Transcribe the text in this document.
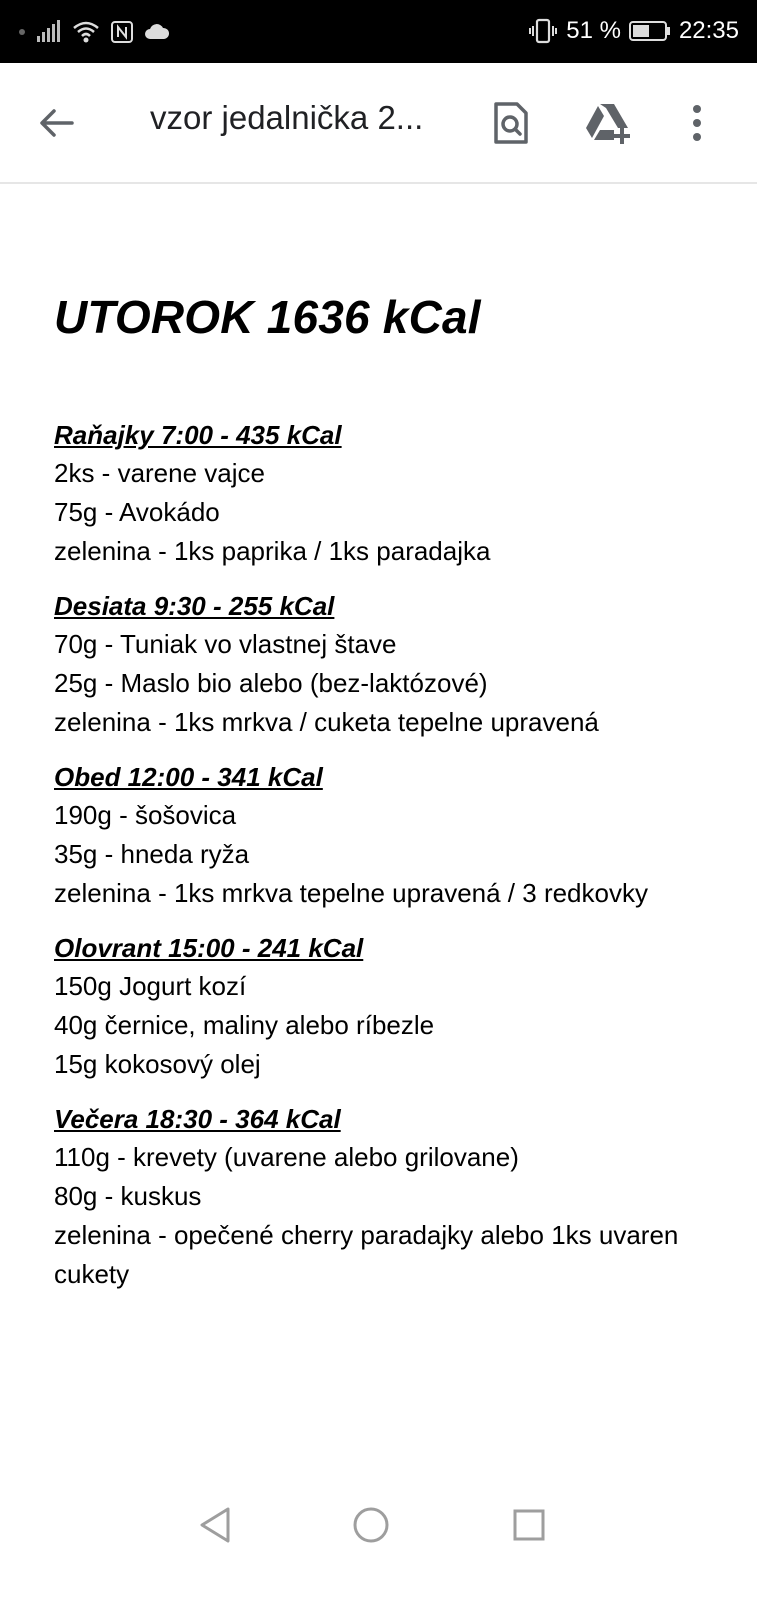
51 % 22:35
vzor jedalnička 2...
UTOROK 1636 kCal
Raňajky 7:00 - 435 kCal
2ks - varene vajce
75g - Avokádo
zelenina - 1ks paprika / 1ks paradajka
Desiata 9:30 - 255 kCal
70g - Tuniak vo vlastnej štave
25g - Maslo bio alebo (bez-laktózové)
zelenina - 1ks mrkva / cuketa tepelne upravená
Obed 12:00 - 341 kCal
190g - šošovica
35g - hneda ryža
zelenina - 1ks mrkva tepelne upravená / 3 redkovky
Olovrant 15:00 - 241 kCal
150g Jogurt kozí
40g černice, maliny alebo ríbezle
15g kokosový olej
Večera 18:30 - 364 kCal
110g - krevety (uvarene alebo grilovane)
80g - kuskus
zelenina - opečené cherry paradajky alebo 1ks uvaren
cukety
